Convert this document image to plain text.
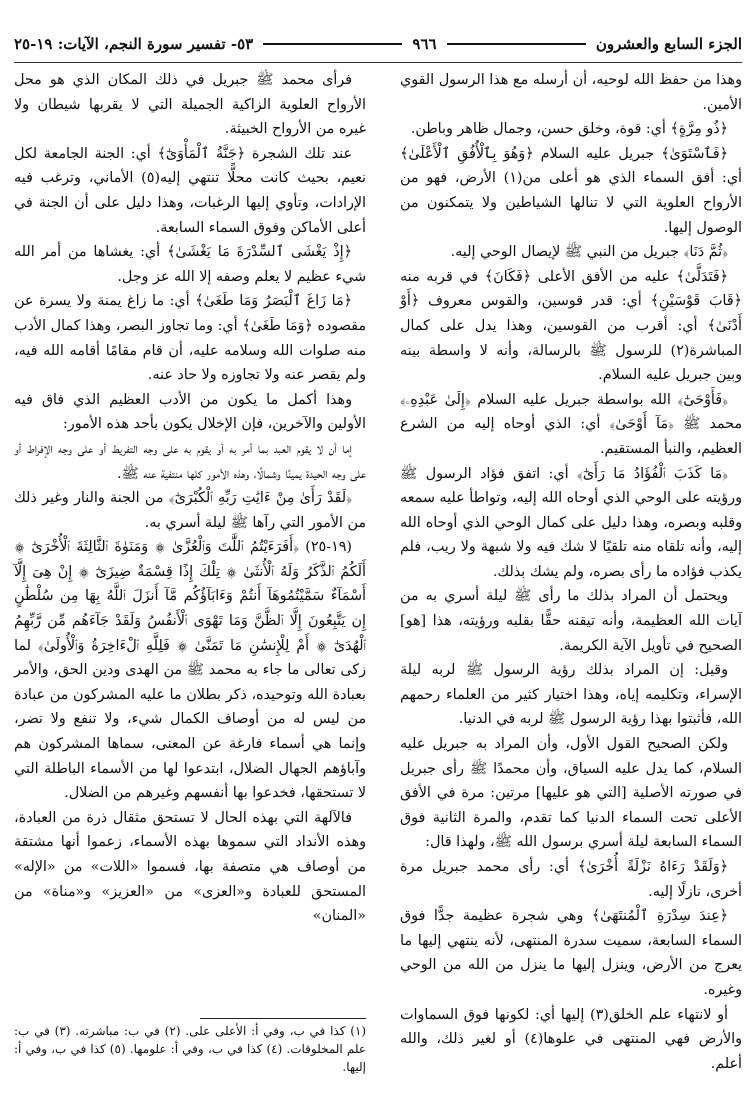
الجزء السابع والعشرون
٩٦٦
٥٣- تفسير سورة النجم، الآيات: ١٩-٢٥

وهذا من حفظ الله لوحيه، أن أرسله مع هذا الرسول القوي الأمين.

﴿ذُو مِرَّةٍ﴾ أي: قوة، وخلق حسن، وجمال ظاهر وباطن.

﴿فَٱسْتَوَىٰ﴾ جبريل عليه السلام ﴿وَهُوَ بِٱلْأُفُقِ ٱلْأَعْلَىٰ﴾ أي: أفق السماء الذي هو أعلى من(١) الأرض، فهو من الأرواح العلوية التي لا تنالها الشياطين ولا يتمكنون من الوصول إليها.

﴿ثُمَّ دَنَا﴾ جبريل من النبي ﷺ لإيصال الوحي إليه.

﴿فَتَدَلَّىٰ﴾ عليه من الأفق الأعلى ﴿فَكَانَ﴾ في قربه منه ﴿قَابَ قَوْسَيْنِ﴾ أي: قدر قوسين، والقوس معروف ﴿أَوْ أَدْنَىٰ﴾ أي: أقرب من القوسين، وهذا يدل على كمال المباشرة(٢) للرسول ﷺ بالرسالة، وأنه لا واسطة بينه وبين جبريل عليه السلام.

﴿فَأَوْحَىٰٓ﴾ الله بواسطة جبريل عليه السلام ﴿إِلَىٰ عَبْدِهِۦ﴾ محمد ﷺ ﴿مَآ أَوْحَىٰ﴾ أي: الذي أوحاه إليه من الشرع العظيم، والنبأ المستقيم.

﴿مَا كَذَبَ ٱلْفُؤَادُ مَا رَأَىٰٓ﴾ أي: اتفق فؤاد الرسول ﷺ ورؤيته على الوحي الذي أوحاه الله إليه، وتواطأ عليه سمعه وقلبه وبصره، وهذا دليل على كمال الوحي الذي أوحاه الله إليه، وأنه تلقاه منه تلقيًا لا شك فيه ولا شبهة ولا ريب، فلم يكذب فؤاده ما رأى بصره، ولم يشك بذلك.

ويحتمل أن المراد بذلك ما رأى ﷺ ليلة أسري به من آيات الله العظيمة، وأنه تيقنه حقًّا بقلبه ورؤيته، هذا [هو] الصحيح في تأويل الآية الكريمة.

وقيل: إن المراد بذلك رؤية الرسول ﷺ لربه ليلة الإسراء، وتكليمه إياه، وهذا اختيار كثير من العلماء رحمهم الله، فأثبتوا بهذا رؤية الرسول ﷺ لربه في الدنيا.

ولكن الصحيح القول الأول، وأن المراد به جبريل عليه السلام، كما يدل عليه السياق، وأن محمدًا ﷺ رأى جبريل في صورته الأصلية [التي هو عليها] مرتين: مرة في الأفق الأعلى تحت السماء الدنيا كما تقدم، والمرة الثانية فوق السماء السابعة ليلة أسري برسول الله ﷺ، ولهذا قال:

﴿وَلَقَدْ رَءَاهُ نَزْلَةً أُخْرَىٰ﴾ أي: رأى محمد جبريل مرة أخرى، نازلًا إليه.

﴿عِندَ سِدْرَةِ ٱلْمُنتَهَىٰ﴾ وهي شجرة عظيمة جدًّا فوق السماء السابعة، سميت سدرة المنتهى، لأنه ينتهي إليها ما يعرج من الأرض، وينزل إليها ما ينزل من الله من الوحي وغيره.

أو لانتهاء علم الخلق(٣) إليها أي: لكونها فوق السماوات والأرض فهي المنتهى في علوها(٤) أو لغير ذلك، والله أعلم.

فرأى محمد ﷺ جبريل في ذلك المكان الذي هو محل الأرواح العلوية الزاكية الجميلة التي لا يقربها شيطان ولا غيره من الأرواح الخبيثة.

عند تلك الشجرة ﴿جَنَّةُ ٱلْمَأْوَىٰٓ﴾ أي: الجنة الجامعة لكل نعيم، بحيث كانت محلًّا تنتهي إليه(٥) الأماني، وترغب فيه الإرادات، وتأوي إليها الرغبات، وهذا دليل على أن الجنة في أعلى الأماكن وفوق السماء السابعة.

﴿إِذْ يَغْشَى ٱلسِّدْرَةَ مَا يَغْشَىٰ﴾ أي: يغشاها من أمر الله شيء عظيم لا يعلم وصفه إلا الله عز وجل.

﴿مَا زَاغَ ٱلْبَصَرُ وَمَا طَغَىٰ﴾ أي: ما زاغ يمنة ولا يسرة عن مقصوده ﴿وَمَا طَغَىٰ﴾ أي: وما تجاوز البصر، وهذا كمال الأدب منه صلوات الله وسلامه عليه، أن قام مقامًا أقامه الله فيه، ولم يقصر عنه ولا تجاوزه ولا حاد عنه.

وهذا أكمل ما يكون من الأدب العظيم الذي فاق فيه الأولين والآخرين، فإن الإخلال يكون بأحد هذه الأمور:

إما أن لا يقوم العبد بما أمر به أو يقوم به على وجه التفريط أو على وجه الإفراط أو على وجه الحيدة يمينًا وشمالًا، وهذه الأمور كلها منتفية عنه ﷺ.

﴿لَقَدْ رَأَىٰ مِنْ ءَايَٰتِ رَبِّهِ ٱلْكُبْرَىٰٓ﴾ من الجنة والنار وغير ذلك من الأمور التي رآها ﷺ ليلة أسري به.

(١٩-٢٥) ﴿أَفَرَءَيْتُمُ ٱللَّٰتَ وَٱلْعُزَّىٰ ۞ وَمَنَوٰةَ ٱلثَّالِثَةَ ٱلْأُخْرَىٰٓ ۞ أَلَكُمُ ٱلذَّكَرُ وَلَهُ ٱلْأُنثَىٰ ۞ تِلْكَ إِذًا قِسْمَةٌ ضِيزَىٰٓ ۞ إِنْ هِىَ إِلَّآ أَسْمَآءٌ سَمَّيْتُمُوهَآ أَنتُمْ وَءَابَآؤُكُم مَّآ أَنزَلَ ٱللَّهُ بِهَا مِن سُلْطَٰنٍ إِن يَتَّبِعُونَ إِلَّا ٱلظَّنَّ وَمَا تَهْوَى ٱلْأَنفُسُ وَلَقَدْ جَآءَهُم مِّن رَّبِّهِمُ ٱلْهُدَىٰٓ ۞ أَمْ لِلْإِنسَٰنِ مَا تَمَنَّىٰ ۞ فَلِلَّهِ ٱلْءَاخِرَةُ وَٱلْأُولَىٰ﴾ لما زكى تعالى ما جاء به محمد ﷺ من الهدى ودين الحق، والأمر بعبادة الله وتوحيده، ذكر بطلان ما عليه المشركون من عبادة من ليس له من أوصاف الكمال شيء، ولا تنفع ولا تضر، وإنما هي أسماء فارغة عن المعنى، سماها المشركون هم وآباؤهم الجهال الضلال، ابتدعوا لها من الأسماء الباطلة التي لا تستحقها، فخدعوا بها أنفسهم وغيرهم من الضلال.

فالآلهة التي بهذه الحال لا تستحق مثقال ذرة من العبادة، وهذه الأنداد التي سموها بهذه الأسماء، زعموا أنها مشتقة من أوصاف هي متصفة بها، فسموا «اللات» من «الإله» المستحق للعبادة و«العزى» من «العزيز» و«مناة» من «المنان»

(١) كذا في ب، وفي أ: الأعلى على. (٢) في ب: مباشرته. (٣) في ب: علم المخلوقات. (٤) كذا في ب، وفي أ: علومها. (٥) كذا في ب، وفي أ: إليها.
